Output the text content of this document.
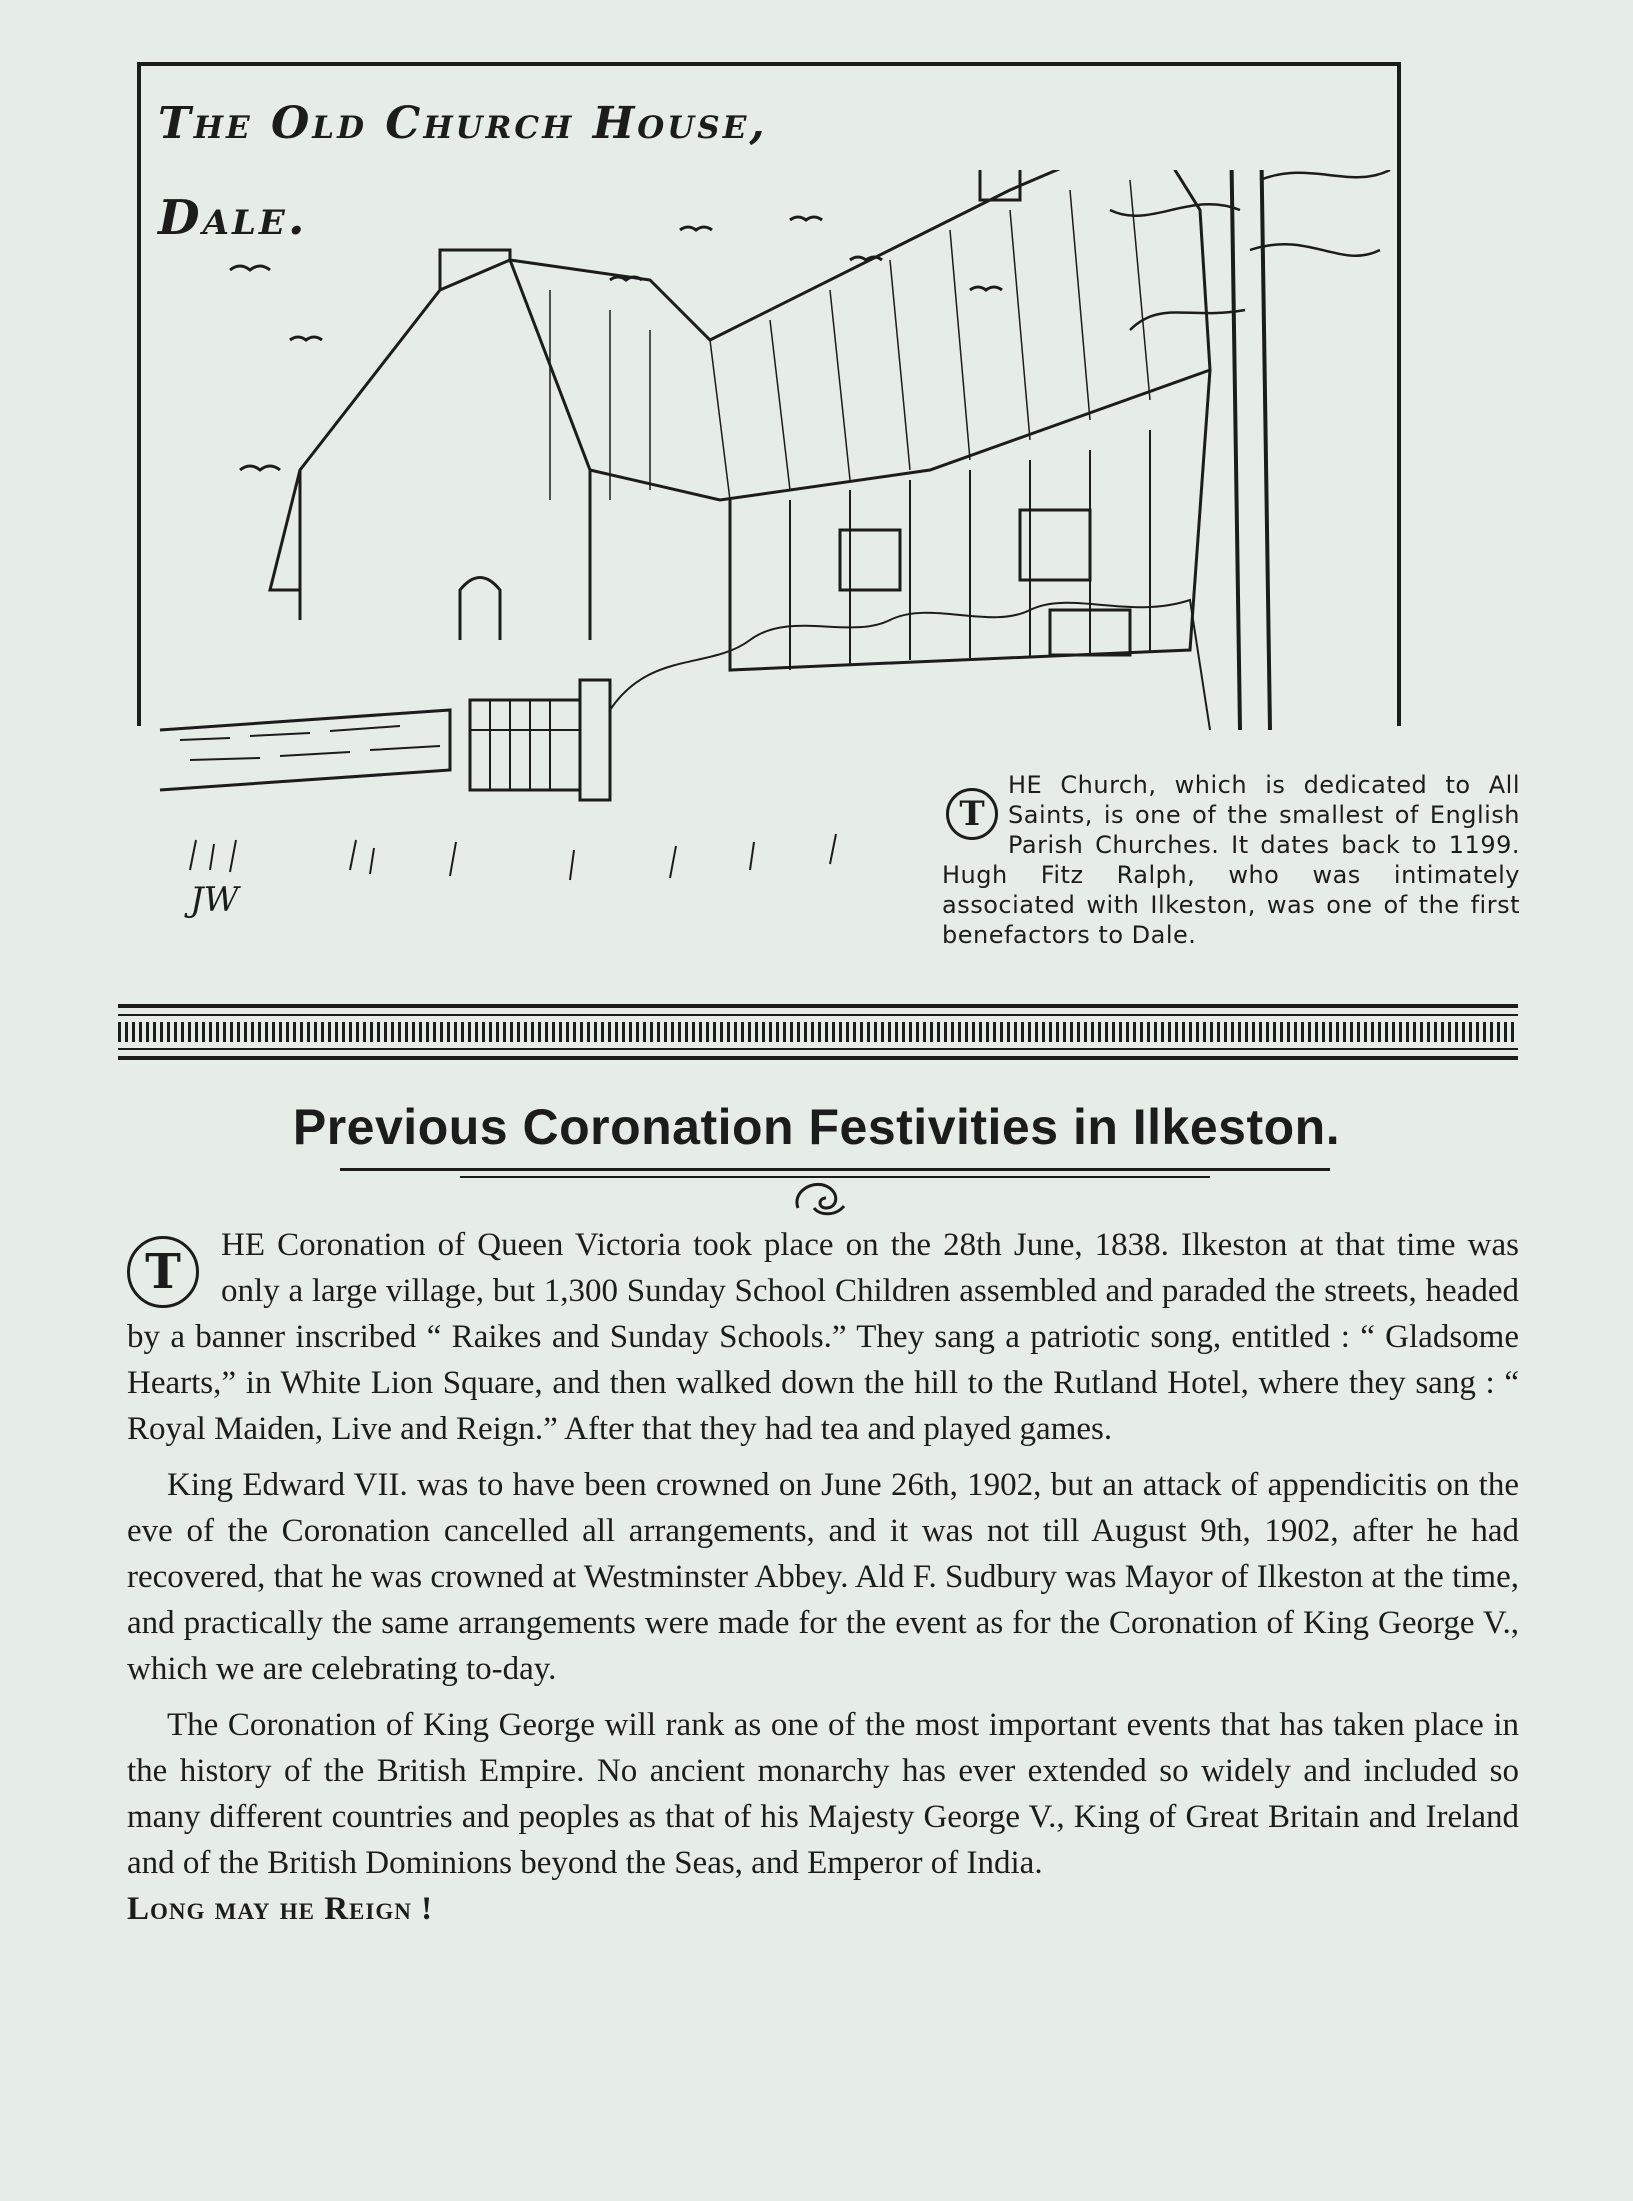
The Old Church House,
Dale.
JW

T
HE Church, which is dedicated to All Saints, is one of the smallest of English Parish Churches. It dates back to 1199. Hugh Fitz Ralph, who was intimately associated with Ilkeston, was one of the first benefactors to Dale.

Previous Coronation Festivities in Ilkeston.

T	HE Coronation of Queen Victoria took place on the 28th June, 1838. Ilkeston at that time was only a large village, but 1,300 Sunday School Children assembled and paraded the streets, headed by a banner inscribed “ Raikes and Sunday Schools.” They sang a patriotic song, entitled : “ Gladsome Hearts,” in White Lion Square, and then walked down the hill to the Rutland Hotel, where they sang : “ Royal Maiden, Live and Reign.” After that they had tea and played games.

King Edward VII. was to have been crowned on June 26th, 1902, but an attack of appendicitis on the eve of the Coronation cancelled all arrangements, and it was not till August 9th, 1902, after he had recovered, that he was crowned at Westminster Abbey. Ald F. Sudbury was Mayor of Ilkeston at the time, and practically the same arrangements were made for the event as for the Coronation of King George V., which we are celebrating to-day.

The Coronation of King George will rank as one of the most important events that has taken place in the history of the British Empire. No ancient monarchy has ever extended so widely and included so many different countries and peoples as that of his Majesty George V., King of Great Britain and Ireland and of the British Dominions beyond the Seas, and Emperor of India.
Long may he Reign !
